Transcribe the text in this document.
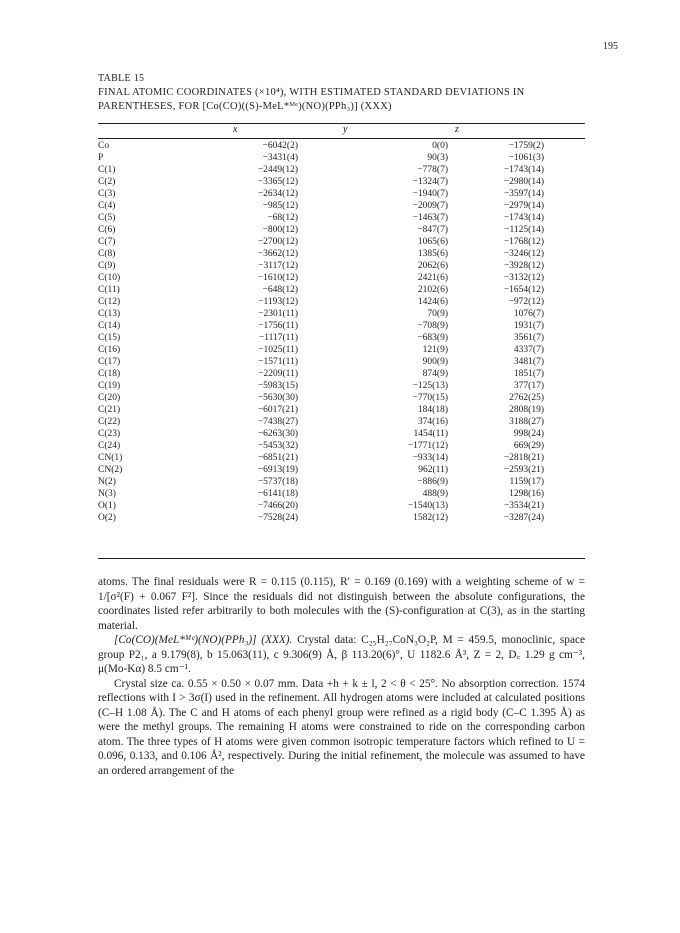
195
TABLE 15
FINAL ATOMIC COORDINATES (×10⁴), WITH ESTIMATED STANDARD DEVIATIONS IN PARENTHESES, FOR [Co(CO)((S)-MeL*ᴹᵉ)(NO)(PPh₃)] (XXX)
x	y	z
Co	−6042(2)	0(0)	−1759(2)	
P	−3431(4)	90(3)	−1061(3)	
C(1)	−2449(12)	−778(7)	−1743(14)	
C(2)	−3365(12)	−1324(7)	−2980(14)	
C(3)	−2634(12)	−1940(7)	−3597(14)	
C(4)	−985(12)	−2009(7)	−2979(14)	
C(5)	−68(12)	−1463(7)	−1743(14)	
C(6)	−800(12)	−847(7)	−1125(14)	
C(7)	−2700(12)	1065(6)	−1768(12)	
C(8)	−3662(12)	1385(6)	−3246(12)	
C(9)	−3117(12)	2062(6)	−3928(12)	
C(10)	−1610(12)	2421(6)	−3132(12)	
C(11)	−648(12)	2102(6)	−1654(12)	
C(12)	−1193(12)	1424(6)	−972(12)	
C(13)	−2301(11)	70(9)	1076(7)	
C(14)	−1756(11)	−708(9)	1931(7)	
C(15)	−1117(11)	−683(9)	3561(7)	
C(16)	−1025(11)	121(9)	4337(7)	
C(17)	−1571(11)	900(9)	3481(7)	
C(18)	−2209(11)	874(9)	1851(7)	
C(19)	−5983(15)	−125(13)	377(17)	
C(20)	−5630(30)	−770(15)	2762(25)	
C(21)	−6017(21)	184(18)	2808(19)	
C(22)	−7438(27)	374(16)	3188(27)	
C(23)	−6263(30)	1454(11)	998(24)	
C(24)	−5453(32)	−1771(12)	669(29)	
CN(1)	−6851(21)	−933(14)	−2818(21)	
CN(2)	−6913(19)	962(11)	−2593(21)	
N(2)	−5737(18)	−886(9)	1159(17)	
N(3)	−6141(18)	488(9)	1298(16)	
O(1)	−7466(20)	−1540(13)	−3534(21)	
O(2)	−7528(24)	1582(12)	−3287(24)	

atoms. The final residuals were R = 0.115 (0.115), R′ = 0.169 (0.169) with a weighting scheme of w = 1/[σ²(F) + 0.067 F²]. Since the residuals did not distinguish between the absolute configurations, the coordinates listed refer arbitrarily to both molecules with the (S)-configuration at C(3), as in the starting material.

[Co(CO)(MeL*ᴹᵉ)(NO)(PPh₃)] (XXX). Crystal data: C₂₅H₂₇CoN₃O₂P, M = 459.5, monoclinic, space group P2₁, a 9.179(8), b 15.063(11), c 9.306(9) Å, β 113.20(6)°, U 1182.6 Å³, Z = 2, D꜀ 1.29 g cm⁻³, μ(Mo-Kα) 8.5 cm⁻¹.

Crystal size ca. 0.55 × 0.50 × 0.07 mm. Data +h + k ± l, 2 < θ < 25°. No absorption correction. 1574 reflections with I > 3σ(I) used in the refinement. All hydrogen atoms were included at calculated positions (C–H 1.08 Å). The C and H atoms of each phenyl group were refined as a rigid body (C–C 1.395 Å) as were the methyl groups. The remaining H atoms were constrained to ride on the corresponding carbon atom. The three types of H atoms were given common isotropic temperature factors which refined to U = 0.096, 0.133, and 0.106 Å², respectively. During the initial refinement, the molecule was assumed to have an ordered arrangement of the
